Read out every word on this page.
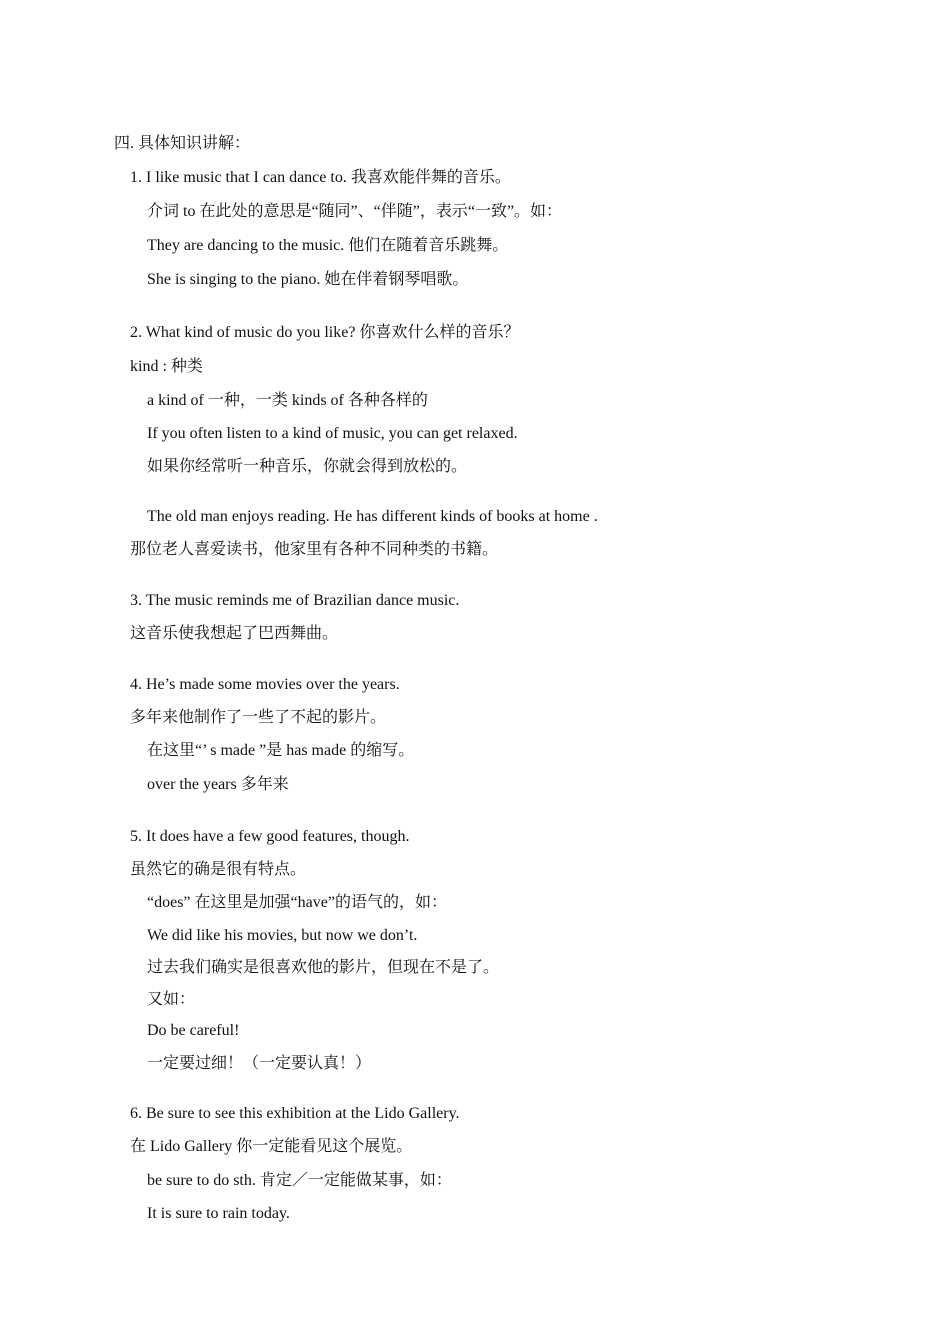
四. 具体知识讲解：
1. I like music that I can dance to. 我喜欢能伴舞的音乐。
介词 to 在此处的意思是“随同”、“伴随”，表示“一致”。如：
They are dancing to the music. 他们在随着音乐跳舞。
She is singing to the piano. 她在伴着钢琴唱歌。
2. What kind of music do you like? 你喜欢什么样的音乐？
kind : 种类
a kind of 一种，一类 kinds of 各种各样的
If you often listen to a kind of music, you can get relaxed.
如果你经常听一种音乐，你就会得到放松的。
The old man enjoys reading. He has different kinds of books at home .
那位老人喜爱读书，他家里有各种不同种类的书籍。
3. The music reminds me of Brazilian dance music.
这音乐使我想起了巴西舞曲。
4. He’s made some movies over the years.
多年来他制作了一些了不起的影片。
在这里“’ s made ”是 has made 的缩写。
over the years 多年来
5. It does have a few good features, though.
虽然它的确是很有特点。
“does” 在这里是加强“have”的语气的，如：
We did like his movies, but now we don’t.
过去我们确实是很喜欢他的影片，但现在不是了。
又如：
Do be careful!
一定要过细！（一定要认真！）
6. Be sure to see this exhibition at the Lido Gallery.
在 Lido Gallery 你一定能看见这个展览。
be sure to do sth. 肯定／一定能做某事，如：
It is sure to rain today.
